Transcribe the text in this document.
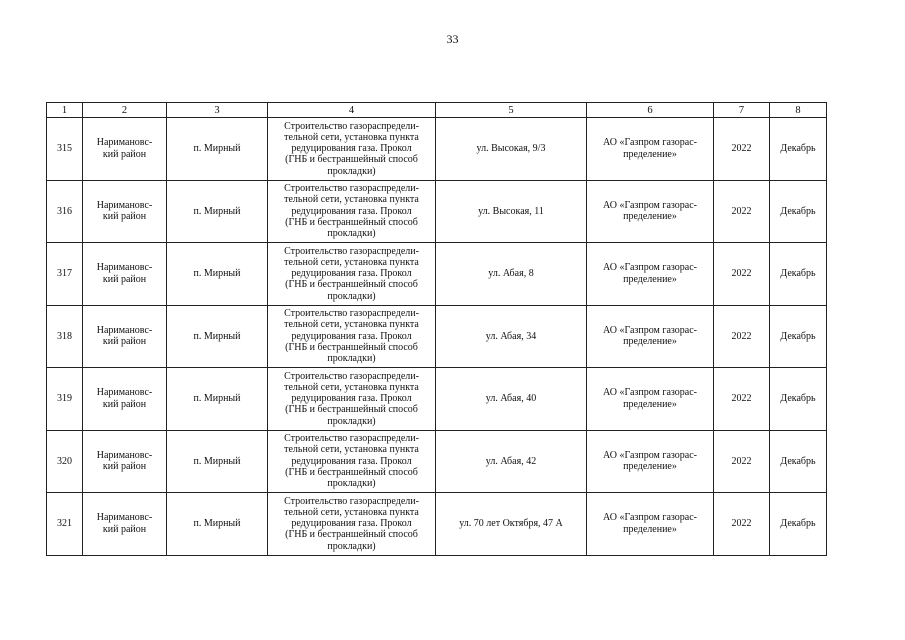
33
1	2	3	4	5	6	7	8
315	Наримановс-
кий район	п. Мирный	Строительство газораспредели-
тельной сети, установка пункта
редуцирования газа. Прокол
(ГНБ и бестраншейный способ
прокладки)	ул. Высокая, 9/3	АО «Газпром газорас-
пределение»	2022	Декабрь
316	Наримановс-
кий район	п. Мирный	Строительство газораспредели-
тельной сети, установка пункта
редуцирования газа. Прокол
(ГНБ и бестраншейный способ
прокладки)	ул. Высокая, 11	АО «Газпром газорас-
пределение»	2022	Декабрь
317	Наримановс-
кий район	п. Мирный	Строительство газораспредели-
тельной сети, установка пункта
редуцирования газа. Прокол
(ГНБ и бестраншейный способ
прокладки)	ул. Абая, 8	АО «Газпром газорас-
пределение»	2022	Декабрь
318	Наримановс-
кий район	п. Мирный	Строительство газораспредели-
тельной сети, установка пункта
редуцирования газа. Прокол
(ГНБ и бестраншейный способ
прокладки)	ул. Абая, 34	АО «Газпром газорас-
пределение»	2022	Декабрь
319	Наримановс-
кий район	п. Мирный	Строительство газораспредели-
тельной сети, установка пункта
редуцирования газа. Прокол
(ГНБ и бестраншейный способ
прокладки)	ул. Абая, 40	АО «Газпром газорас-
пределение»	2022	Декабрь
320	Наримановс-
кий район	п. Мирный	Строительство газораспредели-
тельной сети, установка пункта
редуцирования газа. Прокол
(ГНБ и бестраншейный способ
прокладки)	ул. Абая, 42	АО «Газпром газорас-
пределение»	2022	Декабрь
321	Наримановс-
кий район	п. Мирный	Строительство газораспредели-
тельной сети, установка пункта
редуцирования газа. Прокол
(ГНБ и бестраншейный способ
прокладки)	ул. 70 лет Октября, 47 А	АО «Газпром газорас-
пределение»	2022	Декабрь
